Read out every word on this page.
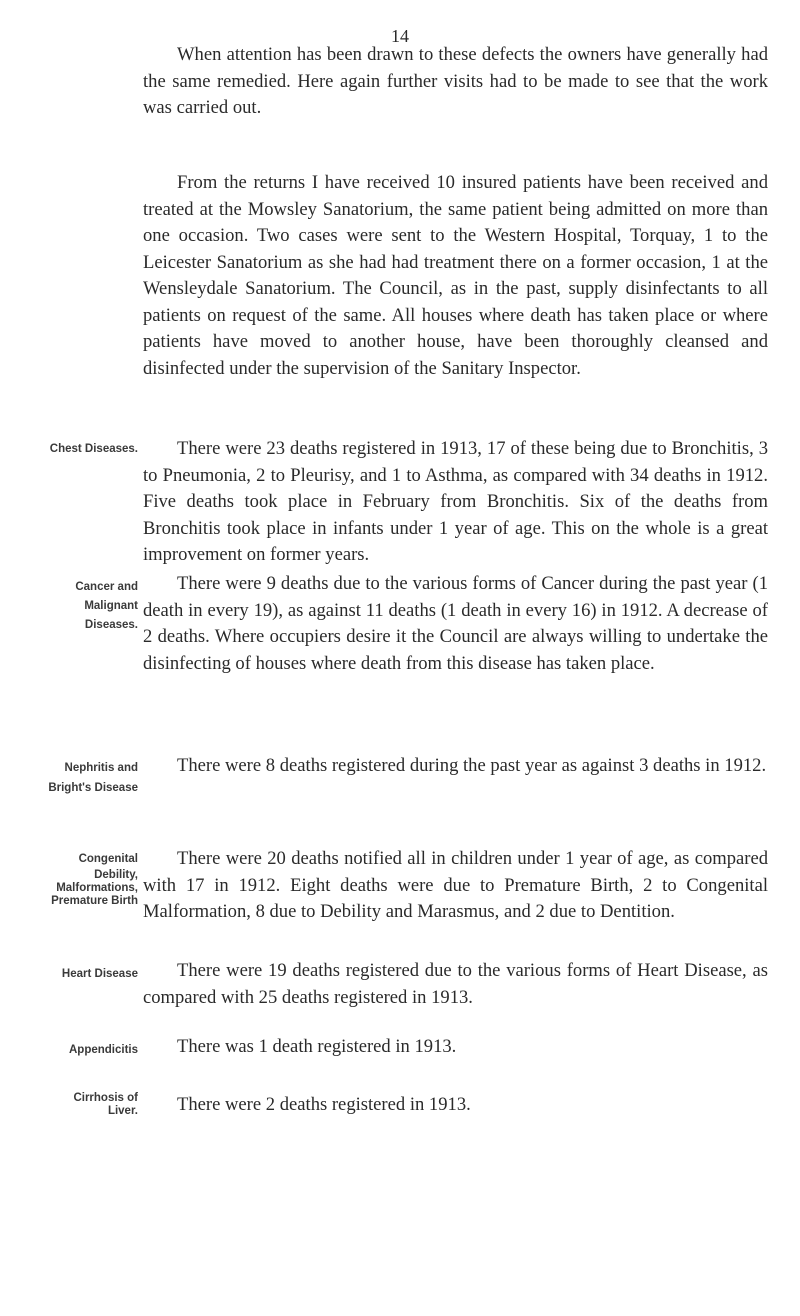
14

When attention has been drawn to these defects the owners have generally had the same remedied. Here again further visits had to be made to see that the work was carried out.

From the returns I have received 10 insured patients have been received and treated at the Mowsley Sanatorium, the same patient being admitted on more than one occasion. Two cases were sent to the Western Hospital, Torquay, 1 to the Leicester Sanatorium as she had had treatment there on a former occasion, 1 at the Wensleydale Sanatorium. The Council, as in the past, supply disinfectants to all patients on request of the same. All houses where death has taken place or where patients have moved to another house, have been thoroughly cleansed and disinfected under the supervision of the Sanitary Inspector.

Chest Diseases.	There were 23 deaths registered in 1913, 17 of these being due to Bronchitis, 3 to Pneumonia, 2 to Pleurisy, and 1 to Asthma, as compared with 34 deaths in 1912. Five deaths took place in February from Bronchitis. Six of the deaths from Bronchitis took place in infants under 1 year of age. This on the whole is a great improvement on former years.

Cancer and
Malignant
Diseases.

There were 9 deaths due to the various forms of Cancer during the past year (1 death in every 19), as against 11 deaths (1 death in every 16) in 1912. A decrease of 2 deaths. Where occupiers desire it the Council are always willing to undertake the disinfecting of houses where death from this disease has taken place.

Nephritis and
Bright's Disease

There were 8 deaths registered during the past year as against 3 deaths in 1912.

Congenital
Debility,
Malformations,
Premature Birth

There were 20 deaths notified all in children under 1 year of age, as compared with 17 in 1912. Eight deaths were due to Premature Birth, 2 to Congenital Malformation, 8 due to Debility and Marasmus, and 2 due to Dentition.

Heart Disease	There were 19 deaths registered due to the various forms of Heart Disease, as compared with 25 deaths registered in 1913.

Appendicitis	There was 1 death registered in 1913.

Cirrhosis of
Liver.	There were 2 deaths registered in 1913.
